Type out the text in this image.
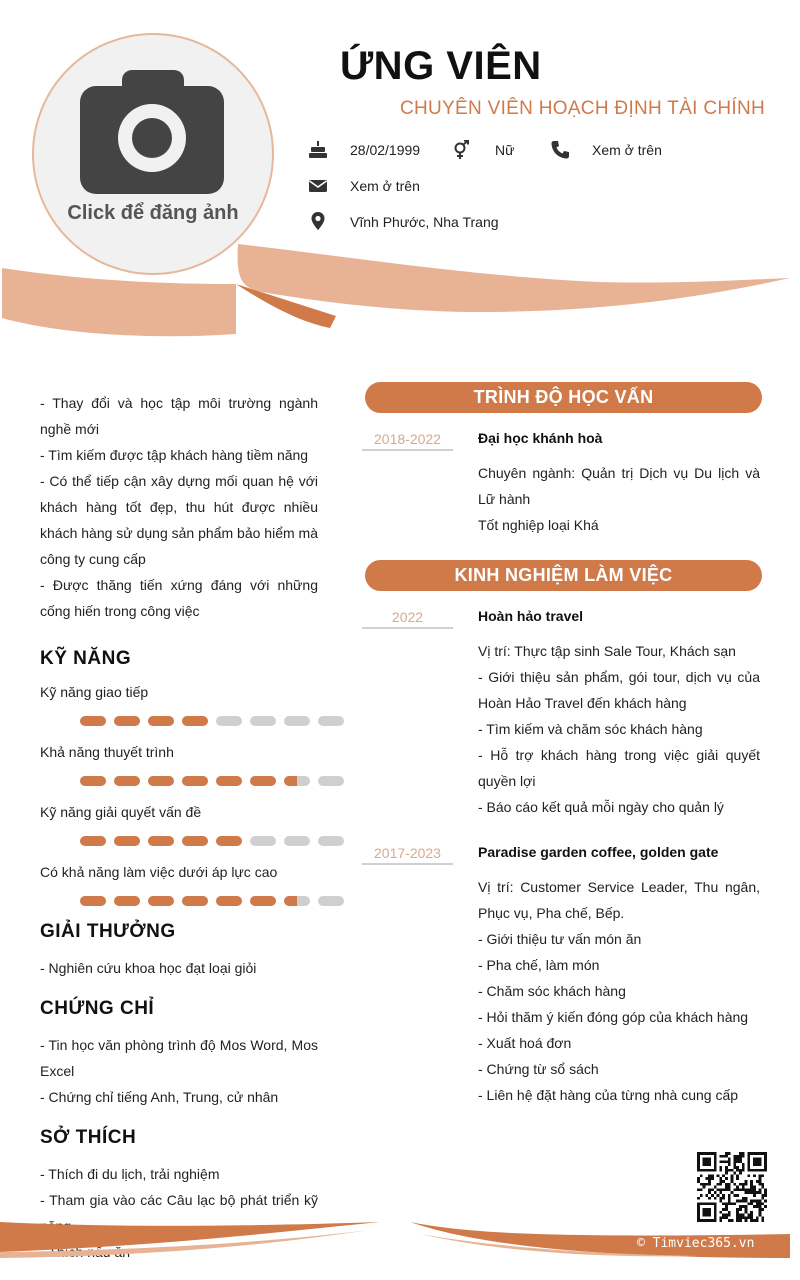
Click để đăng ảnh
ỨNG VIÊN
CHUYÊN VIÊN HOẠCH ĐỊNH TÀI CHÍNH
28/02/1999	Nữ	Xem ở trên
Xem ở trên
Vĩnh Phước, Nha Trang
- Thay đổi và học tập môi trường ngành nghề mới
- Tìm kiếm được tập khách hàng tiềm năng
- Có thể tiếp cận xây dựng mối quan hệ với khách hàng tốt đẹp, thu hút được nhiều khách hàng sử dụng sản phẩm bảo hiểm mà công ty cung cấp
- Được thăng tiến xứng đáng với những cống hiến trong công việc
KỸ NĂNG
Kỹ năng giao tiếp
Khả năng thuyết trình
Kỹ năng giải quyết vấn đề
Có khả năng làm việc dưới áp lực cao
GIẢI THƯỞNG
- Nghiên cứu khoa học đạt loại giỏi
CHỨNG CHỈ
- Tin học văn phòng trình độ Mos Word, Mos Excel
- Chứng chỉ tiếng Anh, Trung, cử nhân
SỞ THÍCH
- Thích đi du lịch, trải nghiệm
- Tham gia vào các Câu lạc bộ phát triển kỹ
TRÌNH ĐỘ HỌC VẤN
2018-2022	Đại học khánh hoà
Chuyên ngành: Quản trị Dịch vụ Du lịch và Lữ hành
Tốt nghiệp loại Khá
KINH NGHIỆM LÀM VIỆC
2022	Hoàn hảo travel
Vị trí: Thực tập sinh Sale Tour, Khách sạn
- Giới thiệu sản phẩm, gói tour, dịch vụ của Hoàn Hảo Travel đến khách hàng
- Tìm kiếm và chăm sóc khách hàng
- Hỗ trợ khách hàng trong việc giải quyết quyền lợi
- Báo cáo kết quả mỗi ngày cho quản lý
2017-2023	Paradise garden coffee, golden gate
Vị trí: Customer Service Leader, Thu ngân, Phục vụ, Pha chế, Bếp.
- Giới thiệu tư vấn món ăn
- Pha chế, làm món
- Chăm sóc khách hàng
- Hỏi thăm ý kiến đóng góp của khách hàng
- Xuất hoá đơn
- Chứng từ sổ sách
- Liên hệ đặt hàng của từng nhà cung cấp
© Timviec365.vn
